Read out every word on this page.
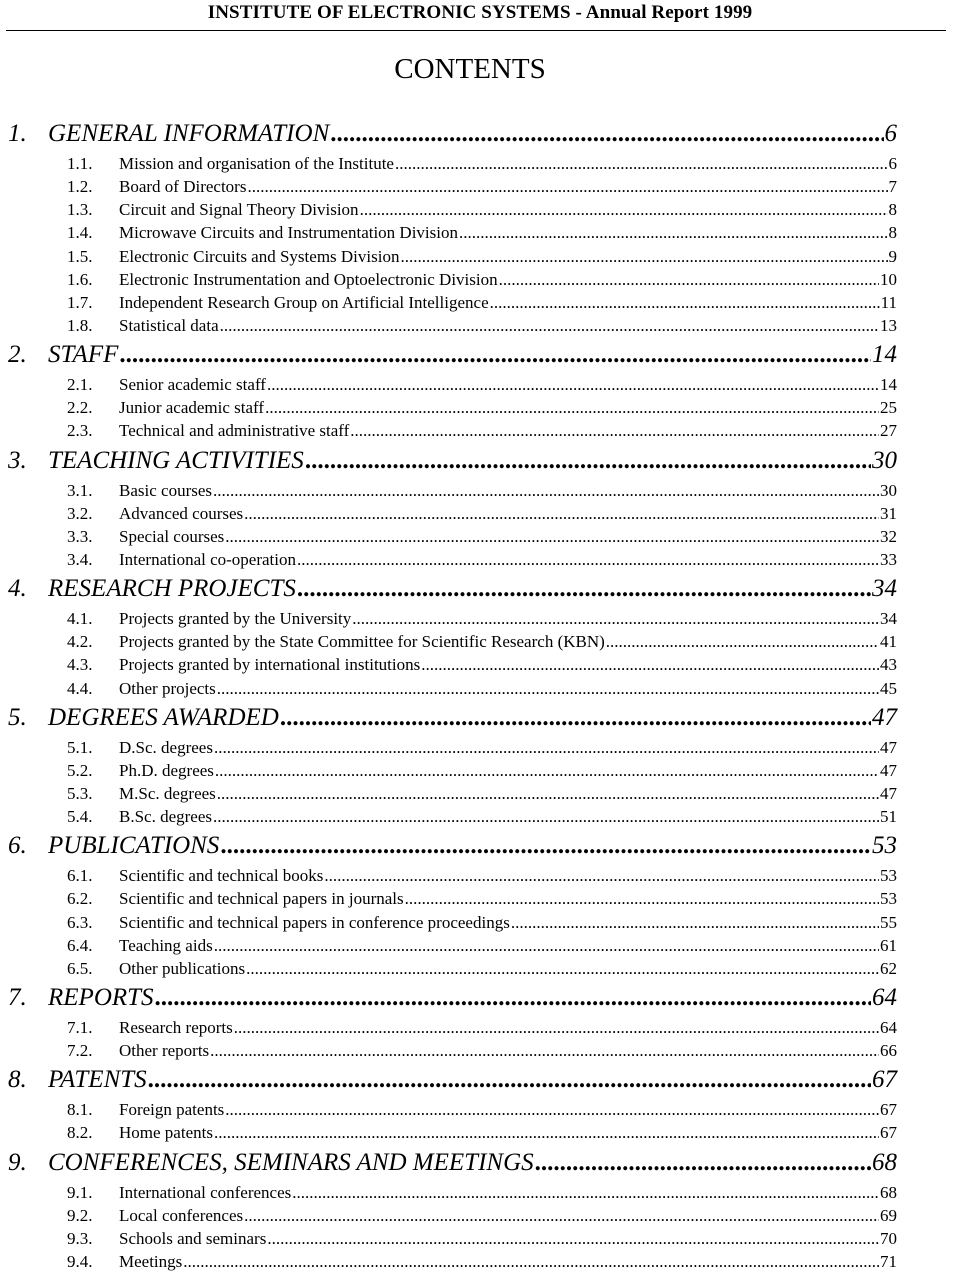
INSTITUTE OF ELECTRONIC SYSTEMS - Annual Report 1999
CONTENTS
1. GENERAL INFORMATION .....	6
1.1.	Mission and organisation of the Institute .....	6
1.2.	Board of Directors .....	7
1.3.	Circuit and Signal Theory Division .....	8
1.4.	Microwave Circuits and Instrumentation Division .....	8
1.5.	Electronic Circuits and Systems Division .....	9
1.6.	Electronic Instrumentation and Optoelectronic Division .....	10
1.7.	Independent Research Group on Artificial Intelligence .....	11
1.8.	Statistical data .....	13
2. STAFF .....	14
2.1.	Senior academic staff .....	14
2.2.	Junior academic staff .....	25
2.3.	Technical and administrative staff .....	27
3. TEACHING ACTIVITIES .....	30
3.1.	Basic courses .....	30
3.2.	Advanced courses .....	31
3.3.	Special courses .....	32
3.4.	International co-operation .....	33
4. RESEARCH PROJECTS .....	34
4.1.	Projects granted by the University .....	34
4.2.	Projects granted by the State Committee for Scientific Research (KBN) .....	41
4.3.	Projects granted by international institutions .....	43
4.4.	Other projects .....	45
5. DEGREES AWARDED .....	47
5.1.	D.Sc. degrees .....	47
5.2.	Ph.D. degrees .....	47
5.3.	M.Sc. degrees .....	47
5.4.	B.Sc. degrees .....	51
6. PUBLICATIONS .....	53
6.1.	Scientific and technical books .....	53
6.2.	Scientific and technical papers in journals .....	53
6.3.	Scientific and technical papers in conference proceedings .....	55
6.4.	Teaching aids .....	61
6.5.	Other publications .....	62
7. REPORTS .....	64
7.1.	Research reports .....	64
7.2.	Other reports .....	66
8. PATENTS .....	67
8.1.	Foreign patents .....	67
8.2.	Home patents .....	67
9. CONFERENCES, SEMINARS AND MEETINGS .....	68
9.1.	International conferences .....	68
9.2.	Local conferences .....	69
9.3.	Schools and seminars .....	70
9.4.	Meetings .....	71
